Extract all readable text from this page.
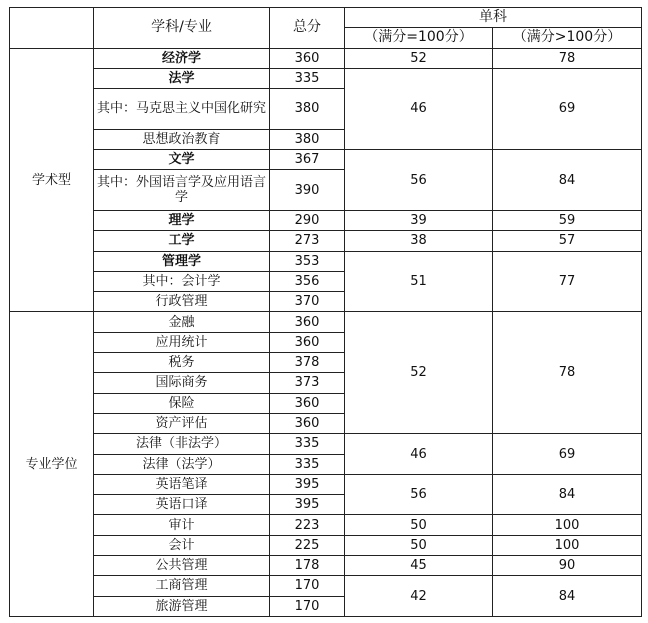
	学科/专业	总分	单科	
			（满分=100分）	（满分>100分）
学术型	经济学	360	52	78
	法学	335	46	69
	其中：马克思主义中国化研究	380		
	思想政治教育	380		
	文学	367	56	84
	其中：外国语言学及应用语言学	390		
	理学	290	39	59
	工学	273	38	57
	管理学	353	51	77
	其中：会计学	356		
	行政管理	370		
专业学位	金融	360	52	78
	应用统计	360		
	税务	378		
	国际商务	373		
	保险	360		
	资产评估	360		
	法律（非法学）	335	46	69
	法律（法学）	335		
	英语笔译	395	56	84
	英语口译	395		
	审计	223	50	100
	会计	225	50	100
	公共管理	178	45	90
	工商管理	170	42	84
	旅游管理	170		
